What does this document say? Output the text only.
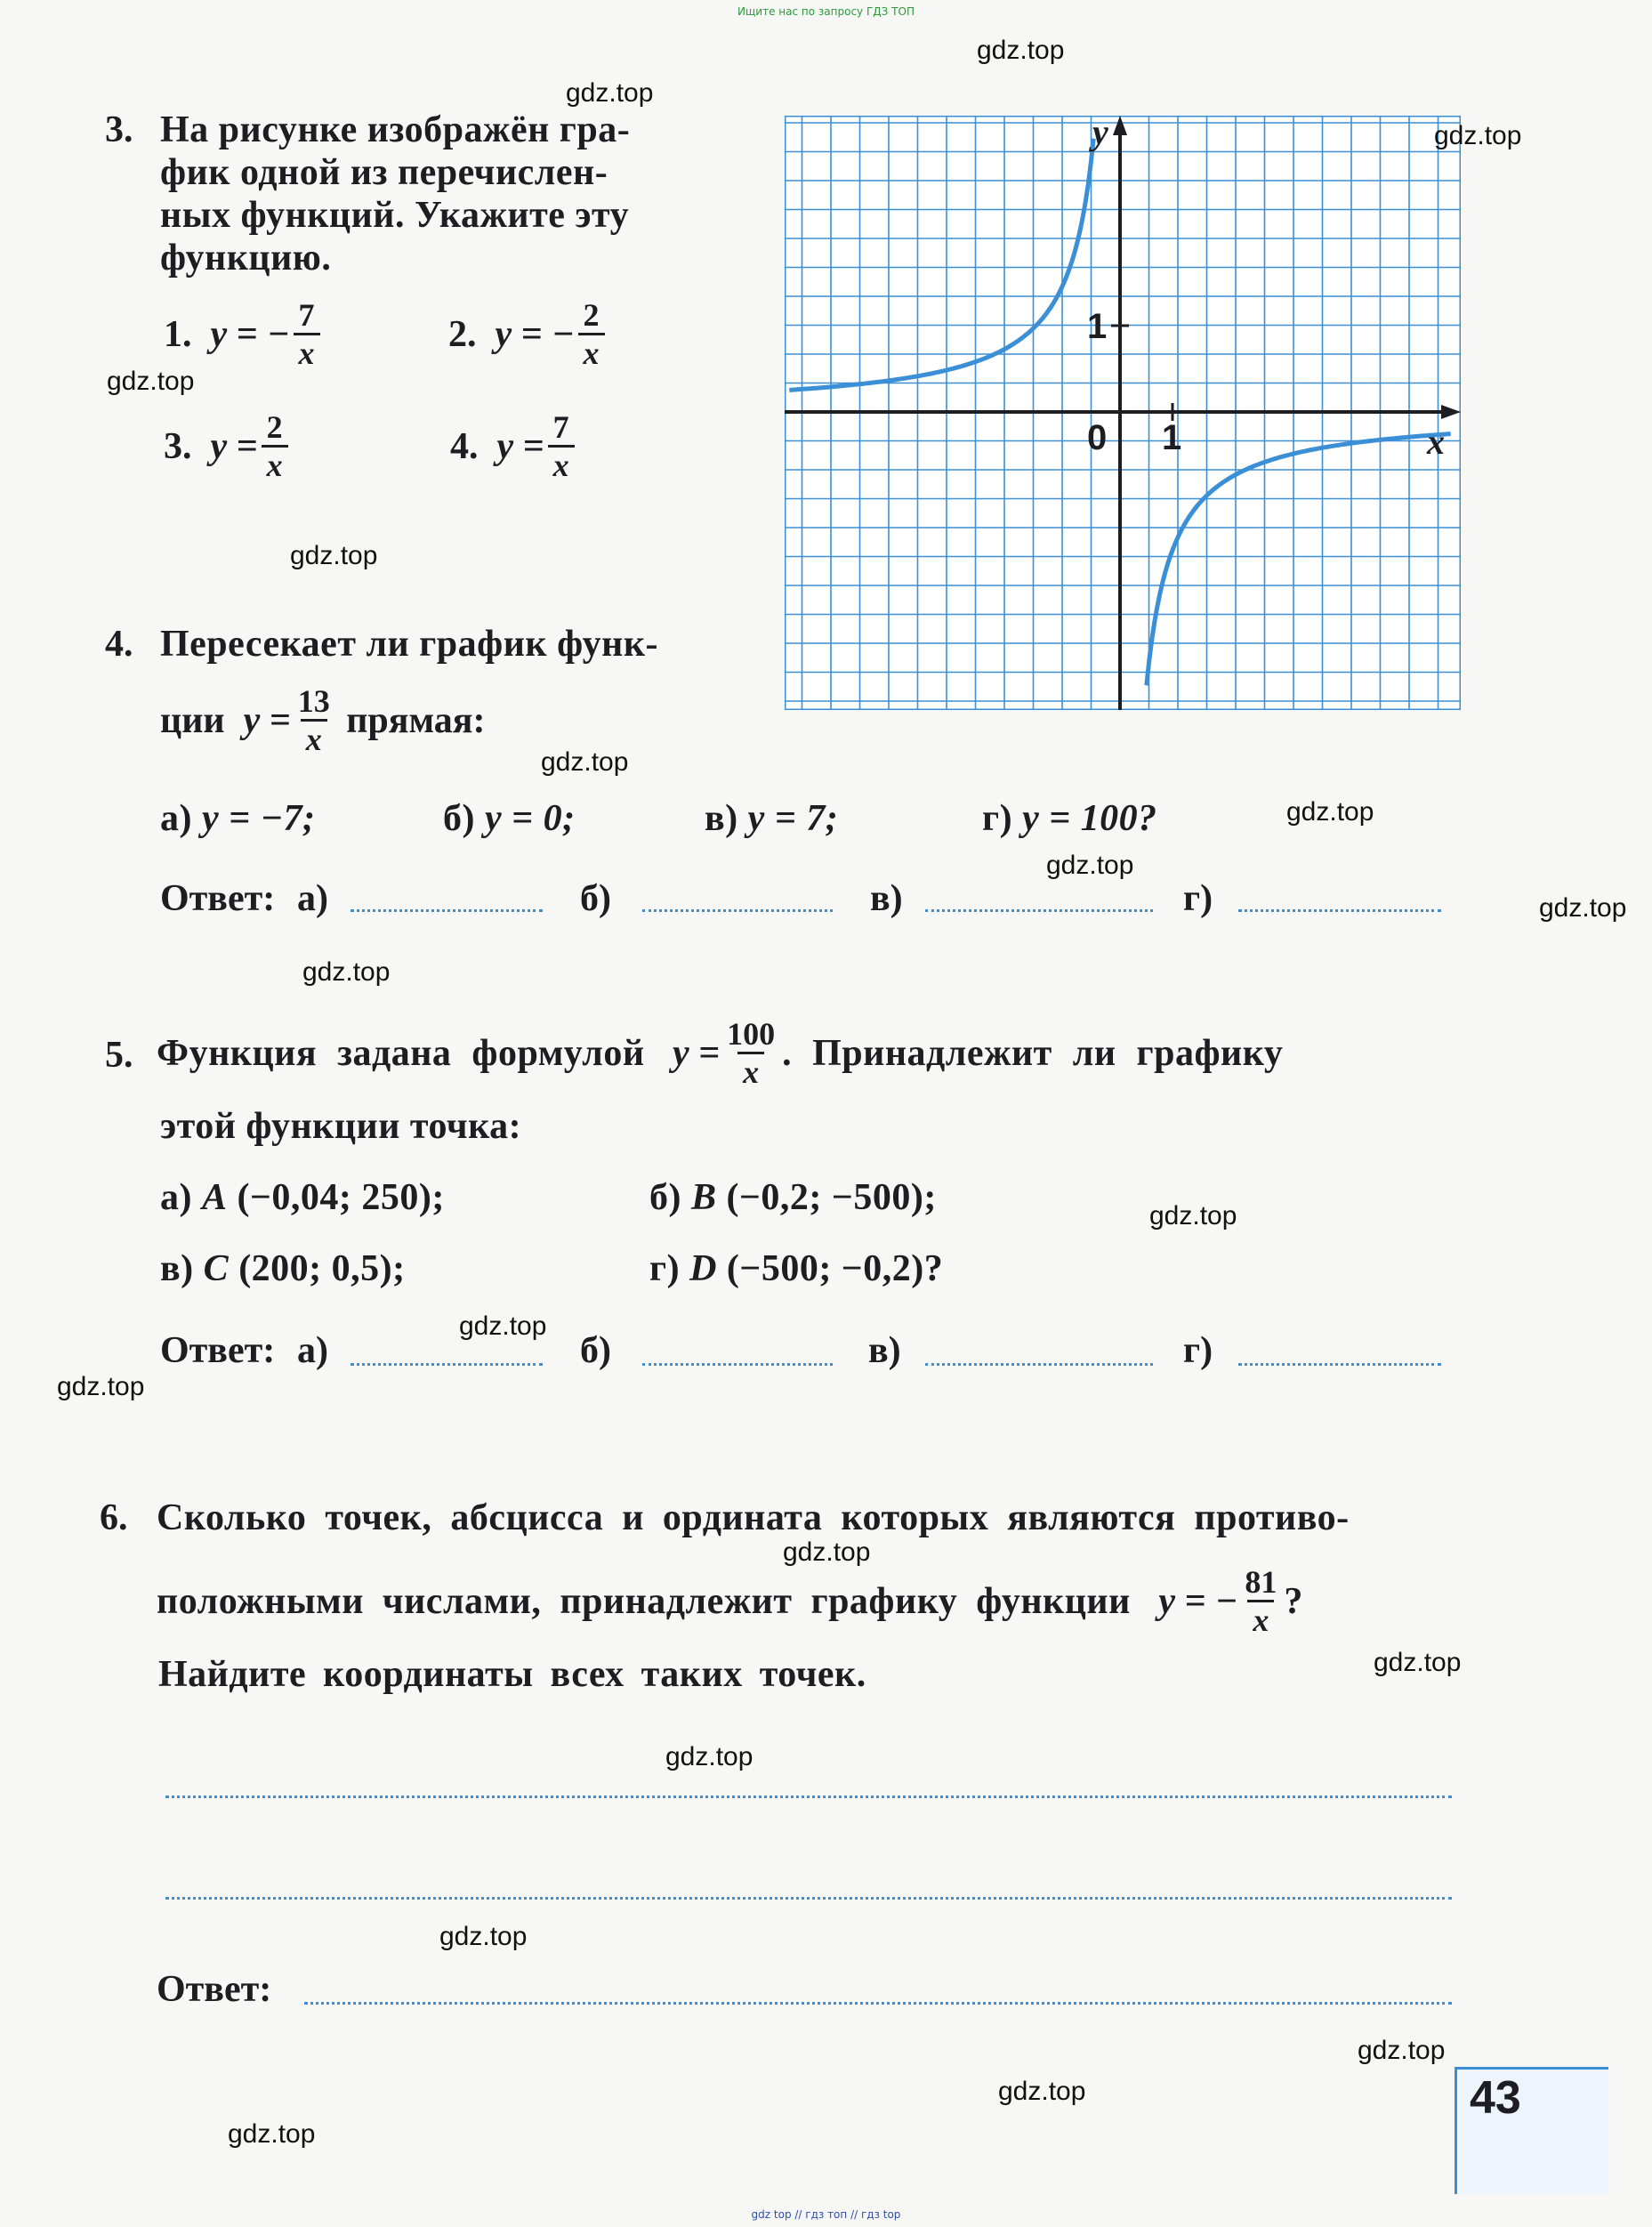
Ищите нас по запросу ГДЗ ТОП
3. На рисунке изображён гра-
фик одной из перечислен-
ных функций. Укажите эту
функцию.
1.
y = − $\frac{7}{x}$	2.
y = − $\frac{2}{x}$
3.
$y = \frac{2}{x}$	4.
$y = \frac{7}{x}$
y
x
0 1
1
4. Пересекает ли график функ-
ции
$y = \frac{13}{x}$
прямая:
а) y = −7;	б) y = 0;	в) y = 7;	г) y = 100?
Ответ: а)	б)	в)	г)
5. Функция задана формулой
$y = \frac{100}{x}$ . Принадлежит ли графику
этой функции точка:
а) A (−0,04; 250);	б) B (−0,2; −500);
в) C (200; 0,5);	г) D (−500; −0,2)?
Ответ: а)	б)	в)	г)
6. Сколько точек, абсцисса и ордината которых являются противо-
положными числами, принадлежит графику функции
y = − $\frac{81}{x}$ ?
Найдите координаты всех таких точек.
Ответ:
43
gdz.top
gdz.top
gdz.top
gdz.top
gdz.top
gdz.top
gdz.top
gdz.top
gdz.top
gdz.top
gdz.top
gdz.top
gdz.top
gdz.top
gdz.top
gdz.top
gdz.top
gdz.top
gdz.top
gdz.top
gdz top // гдз топ // гдз top
